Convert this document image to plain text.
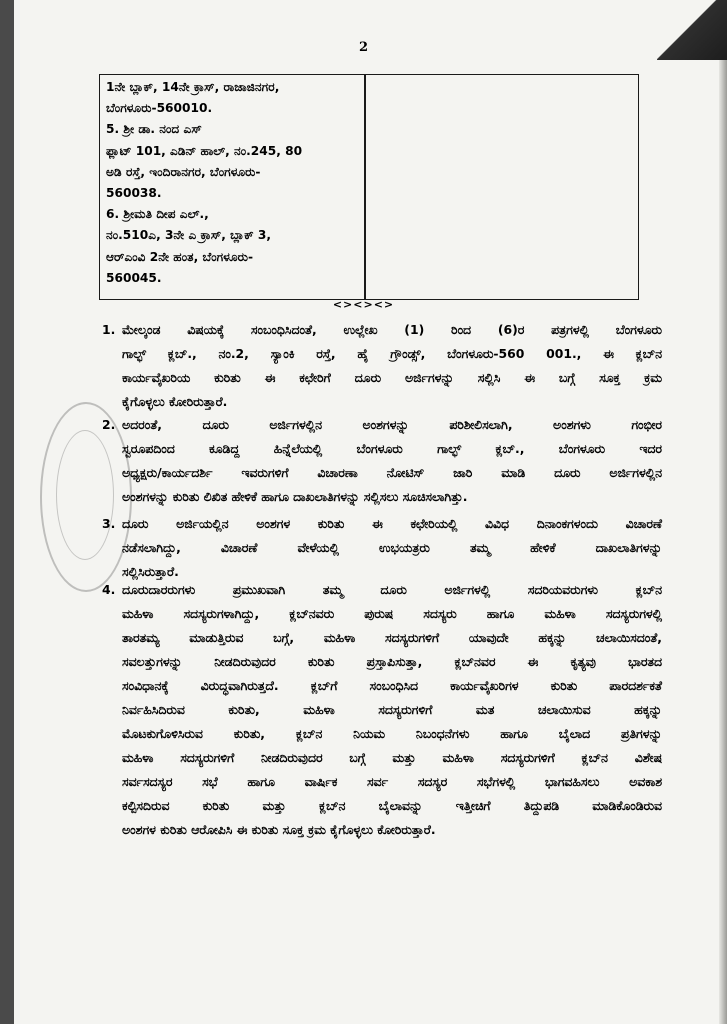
2
1ನೇ ಬ್ಲಾಕ್, 14ನೇ ಕ್ರಾಸ್, ರಾಜಾಜಿನಗರ,
ಬೆಂಗಳೂರು-560010.
5. ಶ್ರೀ ಡಾ. ನಂದ ಎಸ್
ಫ್ಲಾಟ್ 101, ಎಡಿನ್ ಹಾಲ್, ನಂ.245, 80
ಅಡಿ ರಸ್ತೆ, ಇಂದಿರಾನಗರ, ಬೆಂಗಳೂರು-
560038.
6. ಶ್ರೀಮತಿ ದೀಪ ಎಲ್.,
ನಂ.510ಎ, 3ನೇ ಎ ಕ್ರಾಸ್, ಬ್ಲಾಕ್ 3,
ಆರ್‌ಎಂವಿ 2ನೇ ಹಂತ, ಬೆಂಗಳೂರು-
560045.
<><><>
1. ಮೇಲ್ಕಂಡ ವಿಷಯಕ್ಕೆ ಸಂಬಂಧಿಸಿದಂತೆ, ಉಲ್ಲೇಖ (1) ರಿಂದ (6)ರ ಪತ್ರಗಳಲ್ಲಿ ಬೆಂಗಳೂರು
ಗಾಲ್ಫ್ ಕ್ಲಬ್., ನಂ.2, ಸ್ಯಾಂಕಿ ರಸ್ತೆ, ಹೈ ಗ್ರೌಂಡ್ಸ್, ಬೆಂಗಳೂರು-560 001., ಈ ಕ್ಲಬ್‌ನ
ಕಾರ್ಯವೈಖರಿಯ ಕುರಿತು ಈ ಕಛೇರಿಗೆ ದೂರು ಅರ್ಜಿಗಳನ್ನು ಸಲ್ಲಿಸಿ ಈ ಬಗ್ಗೆ ಸೂಕ್ತ ಕ್ರಮ
ಕೈಗೊಳ್ಳಲು ಕೋರಿರುತ್ತಾರೆ.
2. ಅದರಂತೆ, ದೂರು ಅರ್ಜಿಗಳಲ್ಲಿನ ಅಂಶಗಳನ್ನು ಪರಿಶೀಲಿಸಲಾಗಿ, ಅಂಶಗಳು ಗಂಭೀರ
ಸ್ವರೂಪದಿಂದ ಕೂಡಿದ್ದ ಹಿನ್ನೆಲೆಯಲ್ಲಿ ಬೆಂಗಳೂರು ಗಾಲ್ಫ್ ಕ್ಲಬ್., ಬೆಂಗಳೂರು ಇದರ
ಅಧ್ಯಕ್ಷರು/ಕಾರ್ಯದರ್ಶಿ ಇವರುಗಳಿಗೆ ವಿಚಾರಣಾ ನೋಟಿಸ್ ಜಾರಿ ಮಾಡಿ ದೂರು ಅರ್ಜಿಗಳಲ್ಲಿನ
ಅಂಶಗಳನ್ನು ಕುರಿತು ಲಿಖಿತ ಹೇಳಿಕೆ ಹಾಗೂ ದಾಖಲಾತಿಗಳನ್ನು ಸಲ್ಲಿಸಲು ಸೂಚಿಸಲಾಗಿತ್ತು.
3. ದೂರು ಅರ್ಜಿಯಲ್ಲಿನ ಅಂಶಗಳ ಕುರಿತು ಈ ಕಛೇರಿಯಲ್ಲಿ ವಿವಿಧ ದಿನಾಂಕಗಳಂದು ವಿಚಾರಣೆ
ನಡೆಸಲಾಗಿದ್ದು, ವಿಚಾರಣೆ ವೇಳೆಯಲ್ಲಿ ಉಭಯತ್ರರು ತಮ್ಮ ಹೇಳಿಕೆ ದಾಖಲಾತಿಗಳನ್ನು
ಸಲ್ಲಿಸಿರುತ್ತಾರೆ.
4. ದೂರುದಾರರುಗಳು ಪ್ರಮುಖವಾಗಿ ತಮ್ಮ ದೂರು ಅರ್ಜಿಗಳಲ್ಲಿ ಸದರಿಯವರುಗಳು ಕ್ಲಬ್‌ನ
ಮಹಿಳಾ ಸದಸ್ಯರುಗಳಾಗಿದ್ದು, ಕ್ಲಬ್‌ನವರು ಪುರುಷ ಸದಸ್ಯರು ಹಾಗೂ ಮಹಿಳಾ ಸದಸ್ಯರುಗಳಲ್ಲಿ
ತಾರತಮ್ಯ ಮಾಡುತ್ತಿರುವ ಬಗ್ಗೆ, ಮಹಿಳಾ ಸದಸ್ಯರುಗಳಿಗೆ ಯಾವುದೇ ಹಕ್ಕನ್ನು ಚಲಾಯಿಸದಂತೆ,
ಸವಲತ್ತುಗಳನ್ನು ನೀಡದಿರುವುದರ ಕುರಿತು ಪ್ರಸ್ತಾಪಿಸುತ್ತಾ, ಕ್ಲಬ್‌ನವರ ಈ ಕೃತ್ಯವು ಭಾರತದ
ಸಂವಿಧಾನಕ್ಕೆ ವಿರುದ್ಧವಾಗಿರುತ್ತದೆ. ಕ್ಲಬ್‌ಗೆ ಸಂಬಂಧಿಸಿದ ಕಾರ್ಯವೈಖರಿಗಳ ಕುರಿತು ಪಾರದರ್ಶಕತೆ
ನಿರ್ವಹಿಸಿದಿರುವ ಕುರಿತು, ಮಹಿಳಾ ಸದಸ್ಯರುಗಳಿಗೆ ಮತ ಚಲಾಯಿಸುವ ಹಕ್ಕನ್ನು
ಮೊಟಕುಗೊಳಿಸಿರುವ ಕುರಿತು, ಕ್ಲಬ್‌ನ ನಿಯಮ ನಿಬಂಧನೆಗಳು ಹಾಗೂ ಬೈಲಾದ ಪ್ರತಿಗಳನ್ನು
ಮಹಿಳಾ ಸದಸ್ಯರುಗಳಿಗೆ ನೀಡದಿರುವುದರ ಬಗ್ಗೆ ಮತ್ತು ಮಹಿಳಾ ಸದಸ್ಯರುಗಳಿಗೆ ಕ್ಲಬ್‌ನ ವಿಶೇಷ
ಸರ್ವಸದಸ್ಯರ ಸಭೆ ಹಾಗೂ ವಾರ್ಷಿಕ ಸರ್ವ ಸದಸ್ಯರ ಸಭೆಗಳಲ್ಲಿ ಭಾಗವಹಿಸಲು ಅವಕಾಶ
ಕಲ್ಪಿಸದಿರುವ ಕುರಿತು ಮತ್ತು ಕ್ಲಬ್‌ನ ಬೈಲಾವನ್ನು ಇತ್ತೀಚಿಗೆ ತಿದ್ದುಪಡಿ ಮಾಡಿಕೊಂಡಿರುವ
ಅಂಶಗಳ ಕುರಿತು ಆರೋಪಿಸಿ ಈ ಕುರಿತು ಸೂಕ್ತ ಕ್ರಮ ಕೈಗೊಳ್ಳಲು ಕೋರಿರುತ್ತಾರೆ.
